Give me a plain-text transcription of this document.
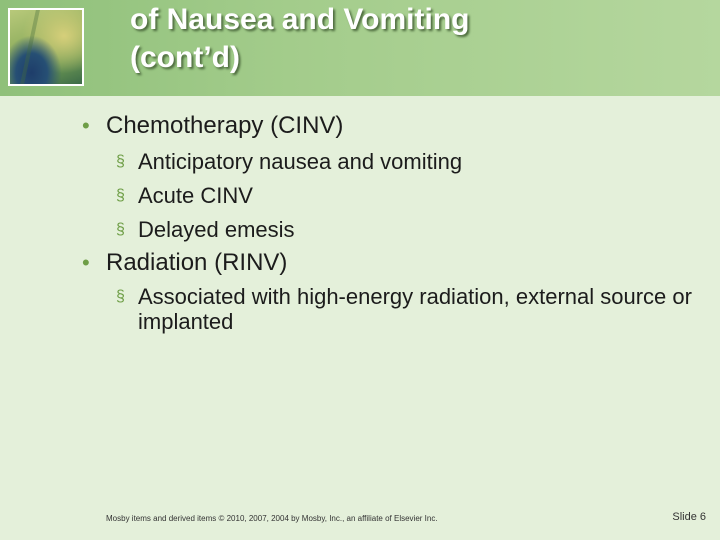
of Nausea and Vomiting
(cont’d)
• Chemotherapy (CINV)
§ Anticipatory nausea and vomiting
§ Acute CINV
§ Delayed emesis
• Radiation (RINV)
§ Associated with high-energy radiation, external source or implanted
Mosby items and derived items © 2010, 2007, 2004 by Mosby, Inc., an affiliate of Elsevier Inc.	Slide 6
